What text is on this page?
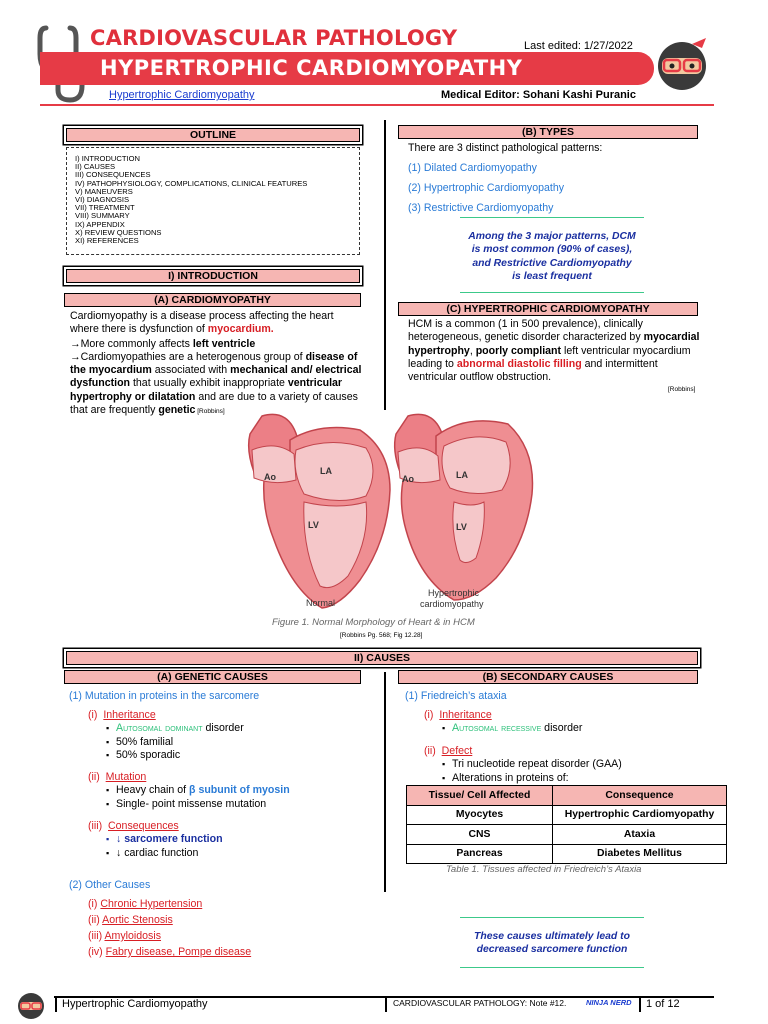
CARDIOVASCULAR PATHOLOGY
HYPERTROPHIC CARDIOMYOPATHY
Last edited: 1/27/2022
Hypertrophic Cardiomyopathy	Medical Editor: Sohani Kashi Puranic
OUTLINE
I) INTRODUCTION
II) CAUSES
III) CONSEQUENCES
IV) PATHOPHYSIOLOGY, COMPLICATIONS, CLINICAL FEATURES
V) MANEUVERS
VI) DIAGNOSIS
VII) TREATMENT
VIII) SUMMARY
IX) APPENDIX
X) REVIEW QUESTIONS
XI) REFERENCES
I) INTRODUCTION
(A) CARDIOMYOPATHY
Cardiomyopathy is a disease process affecting the heart where there is dysfunction of myocardium.
→More commonly affects left ventricle
→Cardiomyopathies are a heterogenous group of disease of the myocardium associated with mechanical and/ electrical dysfunction that usually exhibit inappropriate ventricular hypertrophy or dilatation and are due to a variety of causes that are frequently genetic [Robbins]
(B) TYPES
There are 3 distinct pathological patterns:
(1) Dilated Cardiomyopathy
(2) Hypertrophic Cardiomyopathy
(3) Restrictive Cardiomyopathy
Among the 3 major patterns, DCM
is most common (90% of cases),
and Restrictive Cardiomyopathy
is least frequent
(C) HYPERTROPHIC CARDIOMYOPATHY
HCM is a common (1 in 500 prevalence), clinically heterogeneous, genetic disorder characterized by myocardial hypertrophy, poorly compliant left ventricular myocardium leading to abnormal diastolic filling and intermittent ventricular outflow obstruction.
[Robbins]
Ao
LA
LV
Ao	LA
LV
Normal
Hypertrophic
cardiomyopathy
Figure 1. Normal Morphology of Heart & in HCM
[Robbins Pg. 568; Fig 12.28]
II) CAUSES
(A) GENETIC CAUSES
(1) Mutation in proteins in the sarcomere
(i) Inheritance
▪ Autosomal dominant disorder
▪ 50% familial
▪ 50% sporadic
(ii) Mutation
▪ Heavy chain of β subunit of myosin
▪ Single- point missense mutation
(iii) Consequences
▪ ↓ sarcomere function
▪ ↓ cardiac function
(2) Other Causes
(i) Chronic Hypertension
(ii) Aortic Stenosis
(iii) Amyloidosis
(iv) Fabry disease, Pompe disease
(B) SECONDARY CAUSES
(1) Friedreich’s ataxia
(i) Inheritance
▪ Autosomal recessive disorder
(ii) Defect
▪ Tri nucleotide repeat disorder (GAA)
▪ Alterations in proteins of:
Tissue/ Cell Affected	Consequence
Myocytes	Hypertrophic Cardiomyopathy
CNS	Ataxia
Pancreas	Diabetes Mellitus
Table 1. Tissues affected in Friedreich’s Ataxia
These causes ultimately lead to
decreased sarcomere function
Hypertrophic Cardiomyopathy	CARDIOVASCULAR PATHOLOGY: Note #12.	NINJA NERD 1 of 12
